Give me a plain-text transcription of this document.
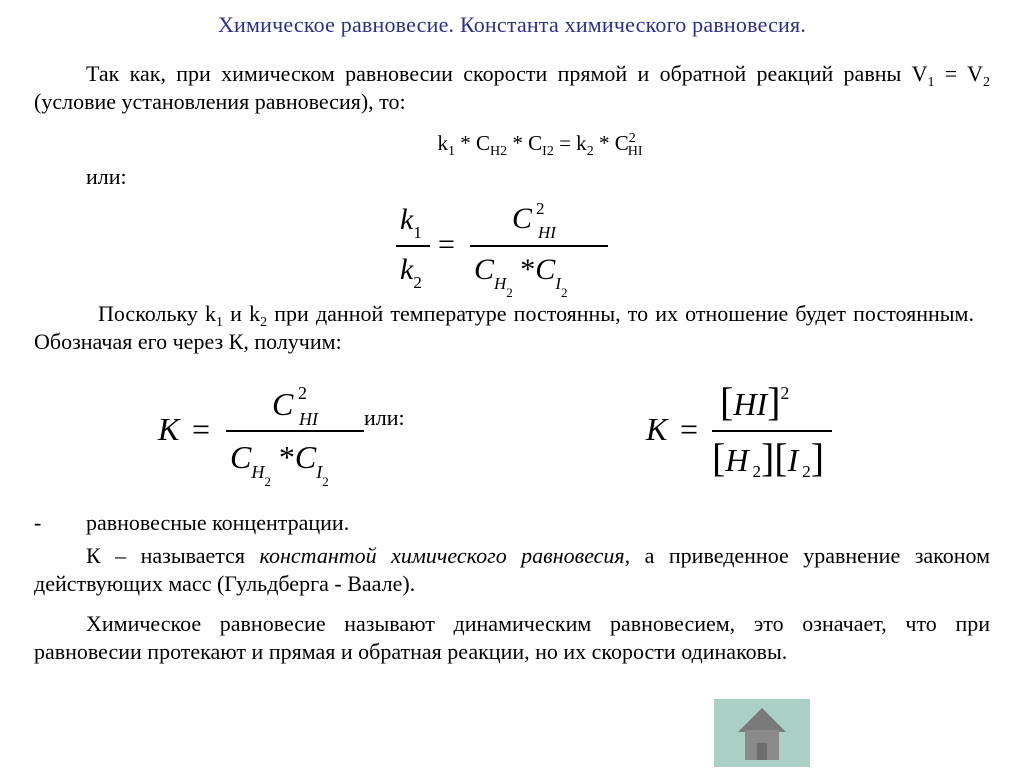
Химическое равновесие. Константа химического равновесия.
Так как, при химическом равновесии скорости прямой и обратной реакций равны $V_1 = V_2$ (условие установления равновесия), то:
$k_1 * C_{H2} * C_{I2} = k_2 * C^2_{HI}$
или:
$k_1$
$k_2$
=
C 2
HI
$C_{H2}$ $*C_{I2}$
Поскольку $k_1$ и $k_2$ при данной температуре постоянны, то их отношение будет постоянным. Обозначая его через К, получим:
K =
C 2
HI или:
$C_{H2}$ $*C_{I2}$
K =
[HI]$^2$
[H 2][I 2]
- равновесные концентрации.
К – называется константой химического равновесия, а приведенное уравнение законом действующих масс (Гульдберга - Ваале).
Химическое равновесие называют динамическим равновесием, это означает, что при равновесии протекают и прямая и обратная реакции, но их скорости одинаковы.
